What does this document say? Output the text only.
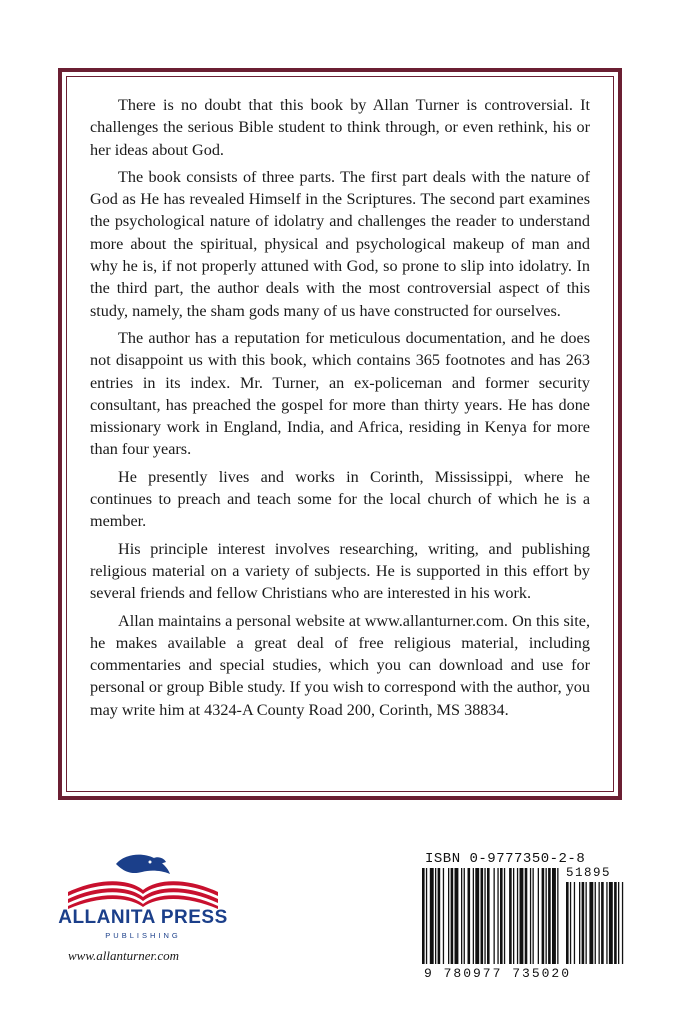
There is no doubt that this book by Allan Turner is controversial. It challenges the serious Bible student to think through, or even rethink, his or her ideas about God.

The book consists of three parts. The first part deals with the nature of God as He has revealed Himself in the Scriptures. The second part examines the psychological nature of idolatry and challenges the reader to understand more about the spiritual, physical and psychological makeup of man and why he is, if not properly attuned with God, so prone to slip into idolatry. In the third part, the author deals with the most controversial aspect of this study, namely, the sham gods many of us have constructed for ourselves.

The author has a reputation for meticulous documentation, and he does not disappoint us with this book, which contains 365 footnotes and has 263 entries in its index. Mr. Turner, an ex-policeman and former security consultant, has preached the gospel for more than thirty years. He has done missionary work in England, India, and Africa, residing in Kenya for more than four years.

He presently lives and works in Corinth, Mississippi, where he continues to preach and teach some for the local church of which he is a member.

His principle interest involves researching, writing, and publishing religious material on a variety of subjects. He is supported in this effort by several friends and fellow Christians who are interested in his work.

Allan maintains a personal website at www.allanturner.com. On this site, he makes available a great deal of free religious material, including commentaries and special studies, which you can download and use for personal or group Bible study. If you wish to correspond with the author, you may write him at 4324-A County Road 200, Corinth, MS 38834.

ALLANITA PRESS
PUBLISHING
www.allanturner.com
ISBN 0-9777350-2-8
51895
9 780977 735020
